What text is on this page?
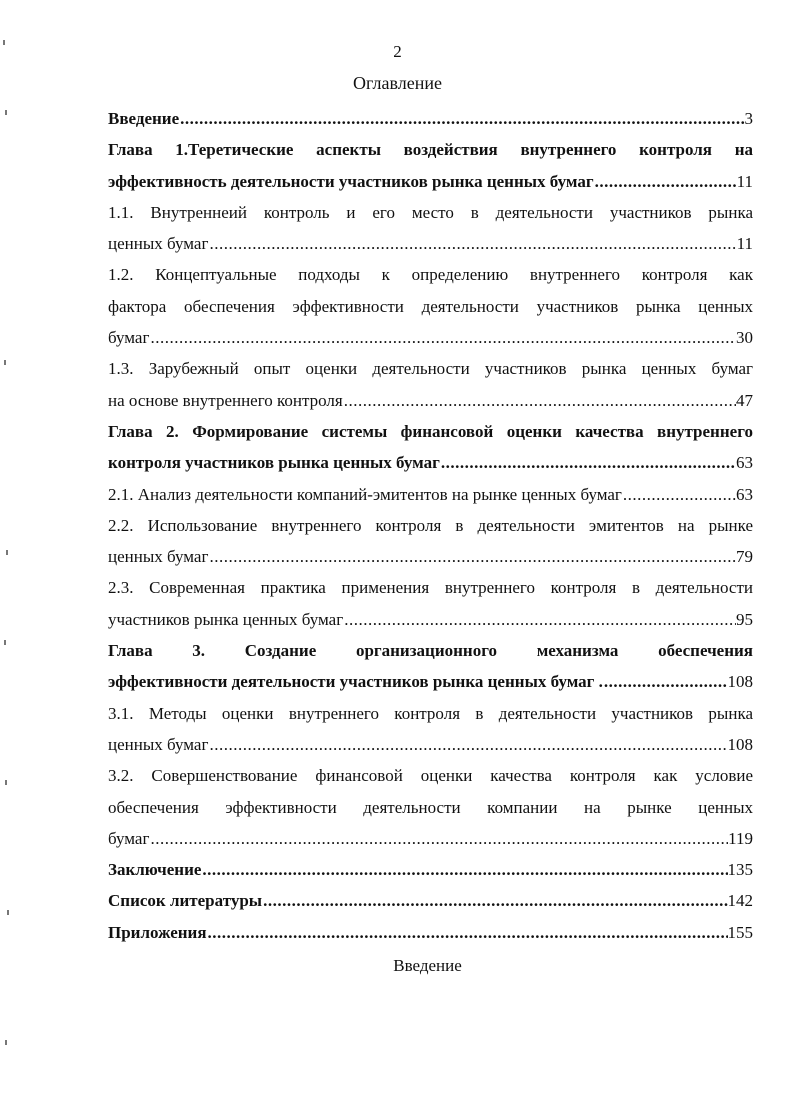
2
Оглавление
Введение .....	3
Глава 1.Теретические аспекты воздействия внутреннего контроля на
эффективность деятельности участников рынка ценных бумаг .....	11
1.1. Внутреннеий контроль и его место в деятельности участников рынка
ценных бумаг .....	11
1.2. Концептуальные подходы к определению внутреннего контроля как
фактора обеспечения эффективности деятельности участников рынка ценных
бумаг .....	30
1.3. Зарубежный опыт оценки деятельности участников рынка ценных бумаг
на основе внутреннего контроля .....	47
Глава 2. Формирование системы финансовой оценки качества внутреннего
контроля участников рынка ценных бумаг .....	63
2.1. Анализ деятельности компаний-эмитентов на рынке ценных бумаг .....	63
2.2. Использование внутреннего контроля в деятельности эмитентов на рынке
ценных бумаг .....	79
2.3. Современная практика применения внутреннего контроля в деятельности
участников рынка ценных бумаг .....	95
Глава 3. Создание организационного механизма обеспечения
эффективности деятельности участников рынка ценных бумаг . .....	108
3.1. Методы оценки внутреннего контроля в деятельности участников рынка
ценных бумаг .....	108
3.2. Совершенствование финансовой оценки качества контроля как условие
обеспечения эффективности деятельности компании на рынке ценных
бумаг .....	119
Заключение .....	135
Список литературы .....	142
Приложения .....	155
Введение
